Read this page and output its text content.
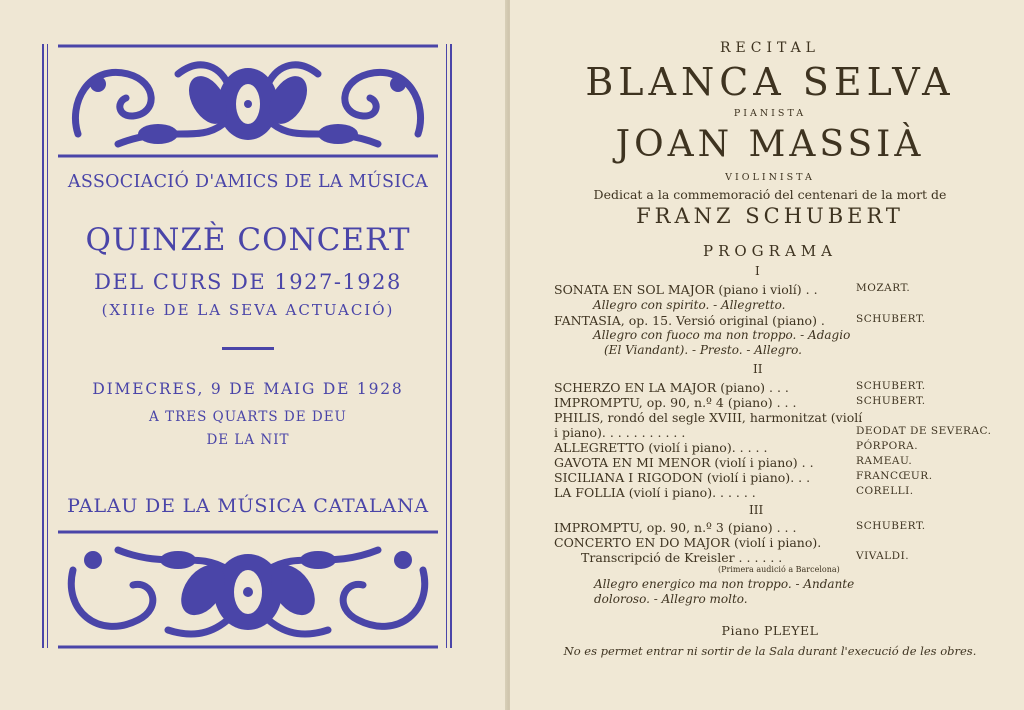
ASSOCIACIÓ D'AMICS DE LA MÚSICA
QUINZÈ CONCERT
DEL CURS DE 1927-1928
(XIIIe DE LA SEVA ACTUACIÓ)
DIMECRES, 9 DE MAIG DE 1928
A TRES QUARTS DE DEU
DE LA NIT
PALAU DE LA MÚSICA CATALANA
RECITAL
BLANCA SELVA
PIANISTA
JOAN MASSIÀ
VIOLINISTA
Dedicat a la commemoració del centenari de la mort de
FRANZ SCHUBERT
PROGRAMA
I
SONATA EN SOL MAJOR (piano i violí) . .	MOZART.
Allegro con spirito. - Allegretto.
FANTASIA, op. 15. Versió original (piano) .	SCHUBERT.
Allegro con fuoco ma non troppo. - Adagio
(El Viandant). - Presto. - Allegro.
II
SCHERZO EN LA MAJOR (piano) . . .	SCHUBERT.
IMPROMPTU, op. 90, n.º 4 (piano) . . .	SCHUBERT.
PHILIS, rondó del segle XVIII, harmonitzat (violí
i piano). . . . . . . . . . .	DEODAT DE SEVERAC.
ALLEGRETTO (violí i piano). . . . .	PÓRPORA.
GAVOTA EN MI MENOR (violí i piano) . .	RAMEAU.
SICILIANA I RIGODON (violí i piano). . .	FRANCŒUR.
LA FOLLIA (violí i piano). . . . . .	CORELLI.
III
IMPROMPTU, op. 90, n.º 3 (piano) . . .	SCHUBERT.
CONCERTO EN DO MAJOR (violí i piano).
Transcripció de Kreisler . . . . . .	VIVALDI.
(Primera audició a Barcelona)
Allegro energico ma non troppo. - Andante
doloroso. - Allegro molto.
Piano PLEYEL
No es permet entrar ni sortir de la Sala durant l'execució de les obres.
